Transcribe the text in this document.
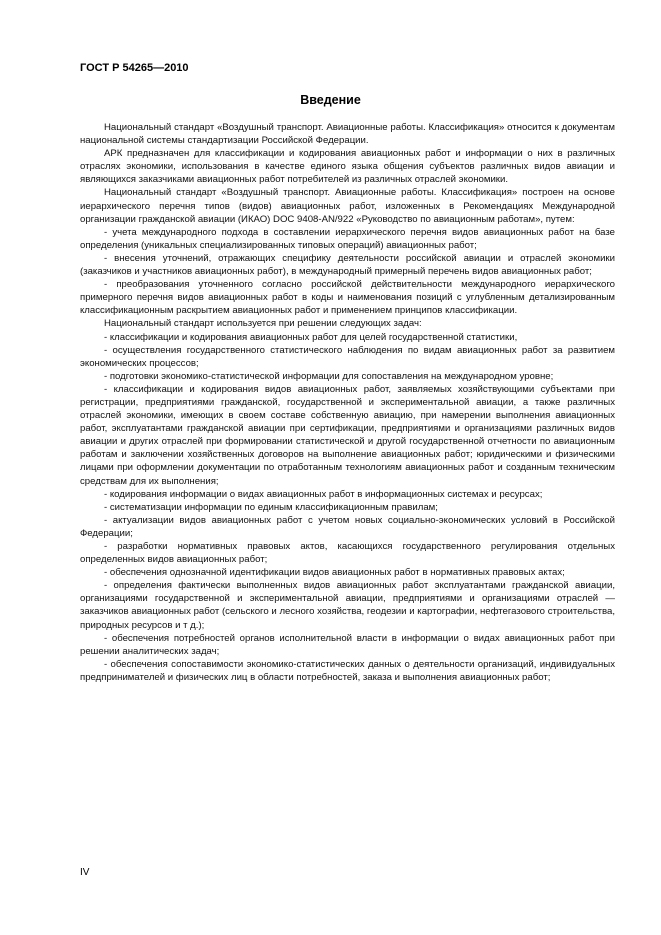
ГОСТ Р 54265—2010
Введение

Национальный стандарт «Воздушный транспорт. Авиационные работы. Классификация» относится к документам национальной системы стандартизации Российской Федерации.

АРК предназначен для классификации и кодирования авиационных работ и информации о них в различных отраслях экономики, использования в качестве единого языка общения субъектов различных видов авиации и являющихся заказчиками авиационных работ потребителей из различных отраслей экономики.

Национальный стандарт «Воздушный транспорт. Авиационные работы. Классификация» построен на основе иерархического перечня типов (видов) авиационных работ, изложенных в Рекомендациях Международной организации гражданской авиации (ИКАО) DOC 9408-AN/922 «Руководство по авиационным работам», путем:

- учета международного подхода в составлении иерархического перечня видов авиационных работ на базе определения (уникальных специализированных типовых операций) авиационных работ;

- внесения уточнений, отражающих специфику деятельности российской авиации и отраслей экономики (заказчиков и участников авиационных работ), в международный примерный перечень видов авиационных работ;

- преобразования уточненного согласно российской действительности международного иерархического примерного перечня видов авиационных работ в коды и наименования позиций с углубленным детализированным классификационным раскрытием авиационных работ и применением принципов классификации.

Национальный стандарт используется при решении следующих задач:

- классификации и кодирования авиационных работ для целей государственной статистики,

- осуществления государственного статистического наблюдения по видам авиационных работ за развитием экономических процессов;

- подготовки экономико-статистической информации для сопоставления на международном уровне;

- классификации и кодирования видов авиационных работ, заявляемых хозяйствующими субъектами при регистрации, предприятиями гражданской, государственной и экспериментальной авиации, а также различных отраслей экономики, имеющих в своем составе собственную авиацию, при намерении выполнения авиационных работ, эксплуатантами гражданской авиации при сертификации, предприятиями и организациями различных видов авиации и других отраслей при формировании статистической и другой государственной отчетности по авиационным работам и заключении хозяйственных договоров на выполнение авиационных работ; юридическими и физическими лицами при оформлении документации по отработанным технологиям авиационных работ и созданным техническим средствам для их выполнения;

- кодирования информации о видах авиационных работ в информационных системах и ресурсах;

- систематизации информации по единым классификационным правилам;

- актуализации видов авиационных работ с учетом новых социально-экономических условий в Российской Федерации;

- разработки нормативных правовых актов, касающихся государственного регулирования отдельных определенных видов авиационных работ;

- обеспечения однозначной идентификации видов авиационных работ в нормативных правовых актах;

- определения фактически выполненных видов авиационных работ эксплуатантами гражданской авиации, организациями государственной и экспериментальной авиации, предприятиями и организациями отраслей — заказчиков авиационных работ (сельского и лесного хозяйства, геодезии и картографии, нефтегазового строительства, природных ресурсов и т д.);

- обеспечения потребностей органов исполнительной власти в информации о видах авиационных работ при решении аналитических задач;

- обеспечения сопоставимости экономико-статистических данных о деятельности организаций, индивидуальных предпринимателей и физических лиц в области потребностей, заказа и выполнения авиационных работ;

IV
